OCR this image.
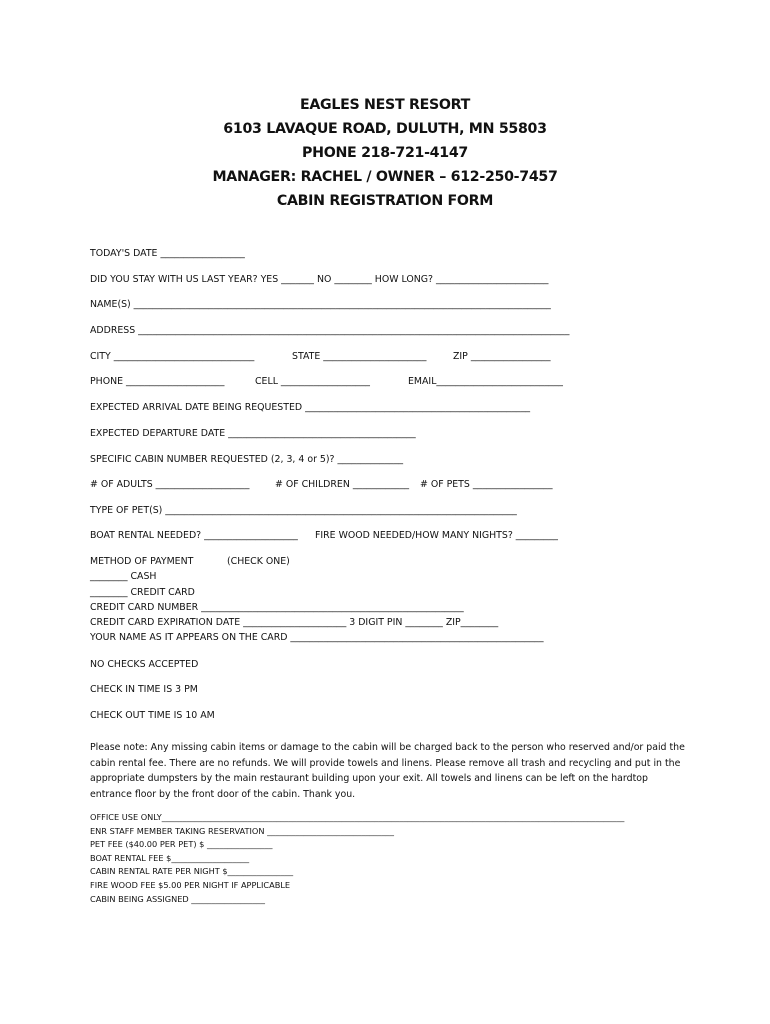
EAGLES NEST RESORT
6103 LAVAQUE ROAD, DULUTH, MN 55803
PHONE 218-721-4147
MANAGER: RACHEL / OWNER – 612-250-7457
CABIN REGISTRATION FORM
TODAY'S DATE __________________
DID YOU STAY WITH US LAST YEAR? YES _______ NO ________ HOW LONG? ________________________
NAME(S) _________________________________________________________________________________________
ADDRESS ____________________________________________________________________________________________
CITY ______________________________	STATE ______________________	ZIP _________________
PHONE _____________________	CELL ___________________	EMAIL___________________________
EXPECTED ARRIVAL DATE BEING REQUESTED ________________________________________________
EXPECTED DEPARTURE DATE ________________________________________
SPECIFIC CABIN NUMBER REQUESTED (2, 3, 4 or 5)? ______________
# OF ADULTS ____________________	# OF CHILDREN ____________ # OF PETS _________________
TYPE OF PET(S) ___________________________________________________________________________
BOAT RENTAL NEEDED? ____________________ FIRE WOOD NEEDED/HOW MANY NIGHTS? _________
METHOD OF PAYMENT	(CHECK ONE)
________ CASH
________ CREDIT CARD
CREDIT CARD NUMBER ________________________________________________________
CREDIT CARD EXPIRATION DATE ______________________ 3 DIGIT PIN ________ ZIP________
YOUR NAME AS IT APPEARS ON THE CARD ______________________________________________________
NO CHECKS ACCEPTED
CHECK IN TIME IS 3 PM
CHECK OUT TIME IS 10 AM

Please note: Any missing cabin items or damage to the cabin will be charged back to the person who reserved and/or paid the cabin rental fee. There are no refunds. We will provide towels and linens. Please remove all trash and recycling and put in the appropriate dumpsters by the main restaurant building upon your exit. All towels and linens can be left on the hardtop entrance floor by the front door of the cabin. Thank you.

OFFICE USE ONLY_________________________________________________________________________________________________________________
ENR STAFF MEMBER TAKING RESERVATION _______________________________
PET FEE ($40.00 PER PET) $ ________________
BOAT RENTAL FEE $___________________
CABIN RENTAL RATE PER NIGHT $________________
FIRE WOOD FEE $5.00 PER NIGHT IF APPLICABLE
CABIN BEING ASSIGNED __________________
